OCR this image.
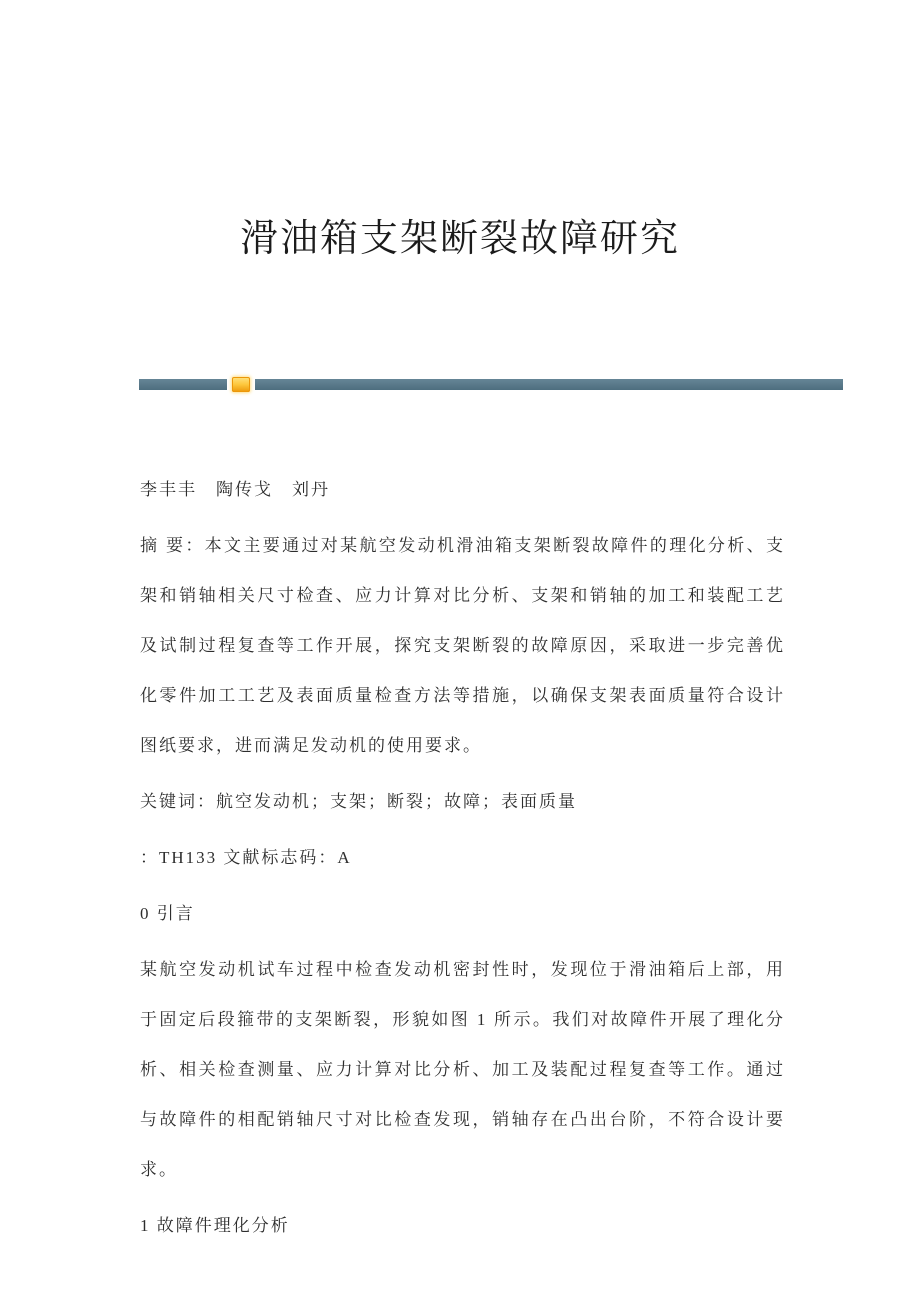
滑油箱支架断裂故障研究

李丰丰　陶传戈　刘丹

摘 要：本文主要通过对某航空发动机滑油箱支架断裂故障件的理化分析、支架和销轴相关尺寸检查、应力计算对比分析、支架和销轴的加工和装配工艺及试制过程复查等工作开展，探究支架断裂的故障原因，采取进一步完善优化零件加工工艺及表面质量检查方法等措施，以确保支架表面质量符合设计图纸要求，进而满足发动机的使用要求。

关键词：航空发动机；支架；断裂；故障；表面质量

：TH133 文献标志码：A

0 引言

某航空发动机试车过程中检查发动机密封性时，发现位于滑油箱后上部，用于固定后段箍带的支架断裂，形貌如图 1 所示。我们对故障件开展了理化分析、相关检查测量、应力计算对比分析、加工及装配过程复查等工作。通过与故障件的相配销轴尺寸对比检查发现，销轴存在凸出台阶，不符合设计要求。

1 故障件理化分析
